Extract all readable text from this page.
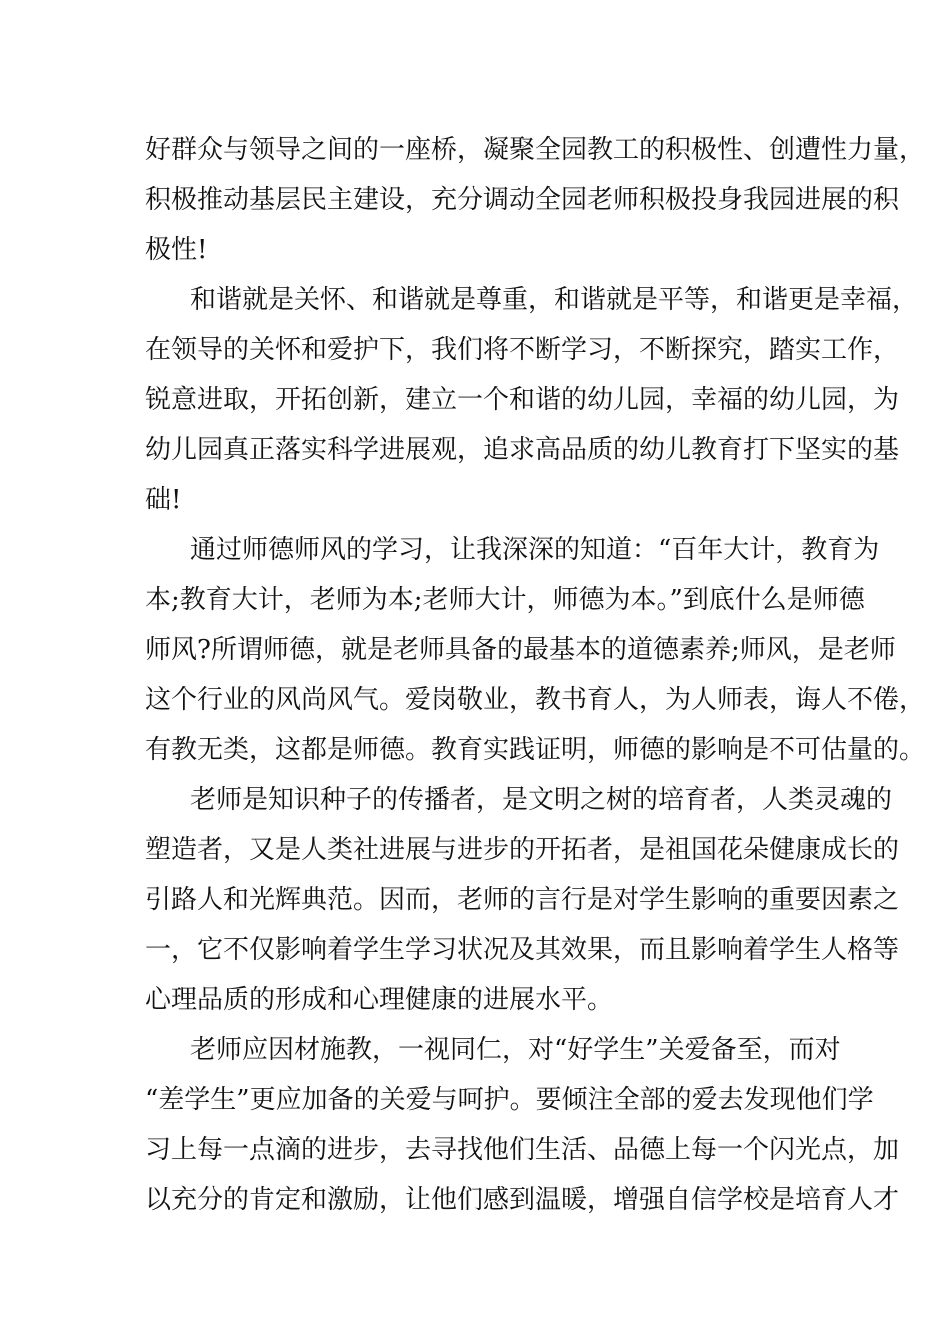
好群众与领导之间的一座桥，凝聚全园教工的积极性、创遭性力量，
积极推动基层民主建设，充分调动全园老师积极投身我园进展的积
极性!
和谐就是关怀、和谐就是尊重，和谐就是平等，和谐更是幸福，
在领导的关怀和爱护下，我们将不断学习，不断探究，踏实工作，
锐意进取，开拓创新，建立一个和谐的幼儿园，幸福的幼儿园，为
幼儿园真正落实科学进展观，追求高品质的幼儿教育打下坚实的基
础!
通过师德师风的学习，让我深深的知道：“百年大计，教育为
本;教育大计，老师为本;老师大计，师德为本。”到底什么是师德
师风?所谓师德，就是老师具备的最基本的道德素养;师风，是老师
这个行业的风尚风气。爱岗敬业，教书育人，为人师表，诲人不倦，
有教无类，这都是师德。教育实践证明，师德的影响是不可估量的。
老师是知识种子的传播者，是文明之树的培育者，人类灵魂的
塑造者，又是人类社进展与进步的开拓者，是祖国花朵健康成长的
引路人和光辉典范。因而，老师的言行是对学生影响的重要因素之
一，它不仅影响着学生学习状况及其效果，而且影响着学生人格等
心理品质的形成和心理健康的进展水平。
老师应因材施教，一视同仁，对“好学生”关爱备至，而对
“差学生”更应加备的关爱与呵护。要倾注全部的爱去发现他们学
习上每一点滴的进步，去寻找他们生活、品德上每一个闪光点，加
以充分的肯定和激励，让他们感到温暖，增强自信学校是培育人才
